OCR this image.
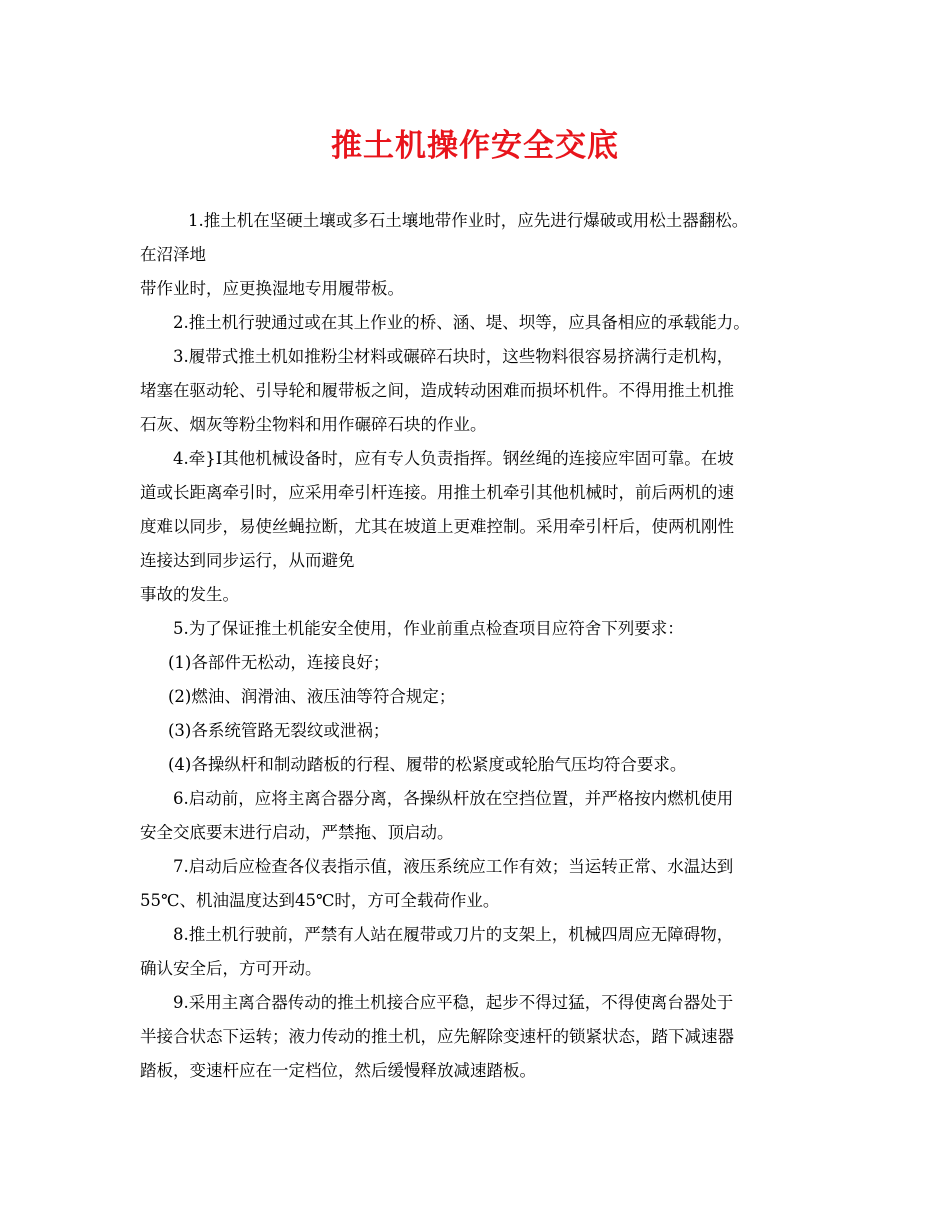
推土机操作安全交底
1.推土机在坚硬土壤或多石土壤地带作业时，应先进行爆破或用松土器翻松。
在沼泽地
带作业时，应更换湿地专用履带板。
2.推土机行驶通过或在其上作业的桥、涵、堤、坝等，应具备相应的承载能力。
3.履带式推土机如推粉尘材料或碾碎石块时，这些物料很容易挤满行走机构，
堵塞在驱动轮、引导轮和履带板之间，造成转动困难而损坏机件。不得用推土机推
石灰、烟灰等粉尘物料和用作碾碎石块的作业。
4.牵}I其他机械设备时，应有专人负责指挥。钢丝绳的连接应牢固可靠。在坡
道或长距离牵引时，应采用牵引杆连接。用推土机牵引其他机械时，前后两机的速
度难以同步，易使丝蝇拉断，尤其在坡道上更难控制。采用牵引杆后，使两机刚性
连接达到同步运行，从而避免
事故的发生。
5.为了保证推土机能安全使用，作业前重点检查项目应符舍下列要求：
(1)各部件无松动，连接良好；
(2)燃油、润滑油、液压油等符合规定；
(3)各系统管路无裂纹或泄祸；
(4)各操纵杆和制动踏板的行程、履带的松紧度或轮胎气压均符合要求。
6.启动前，应将主离合器分离，各操纵杆放在空挡位置，并严格按内燃机使用
安全交底要末进行启动，严禁拖、顶启动。
7.启动后应检查各仪表指示值，液压系统应工作有效；当运转正常、水温达到
55℃、机油温度达到45℃时，方可全载荷作业。
8.推土机行驶前，严禁有人站在履带或刀片的支架上，机械四周应无障碍物，
确认安全后，方可开动。
9.采用主离合器传动的推土机接合应平稳，起步不得过猛，不得使离台器处于
半接合状态下运转；液力传动的推土机，应先解除变速杆的锁紧状态，踏下减速器
踏板，变速杆应在一定档位，然后缓慢释放减速踏板。
